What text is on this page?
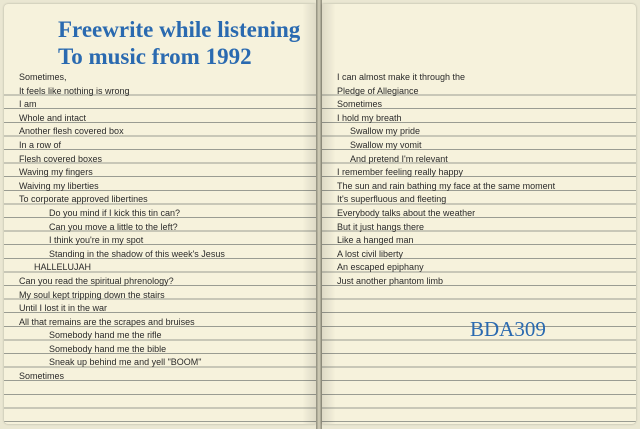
Freewrite while listening
To music from 1992
Sometimes,
It feels like nothing is wrong
I am
Whole and intact
Another flesh covered box
In a row of
Flesh covered boxes
Waving my fingers
Waiving my liberties
To corporate approved libertines
Do you mind if I kick this tin can?
Can you move a little to the left?
I think you're in my spot
Standing in the shadow of this week's Jesus
HALLELUJAH
Can you read the spiritual phrenology?
My soul kept tripping down the stairs
Until I lost it in the war
All that remains are the scrapes and bruises
Somebody hand me the rifle
Somebody hand me the bible
Sneak up behind me and yell "BOOM"
Sometimes
I can almost make it through the
Pledge of Allegiance
Sometimes
I hold my breath
Swallow my pride
Swallow my vomit
And pretend I'm relevant
I remember feeling really happy
The sun and rain bathing my face at the same moment
It's superfluous and fleeting
Everybody talks about the weather
But it just hangs there
Like a hanged man
A lost civil liberty
An escaped epiphany
Just another phantom limb

BDA309
